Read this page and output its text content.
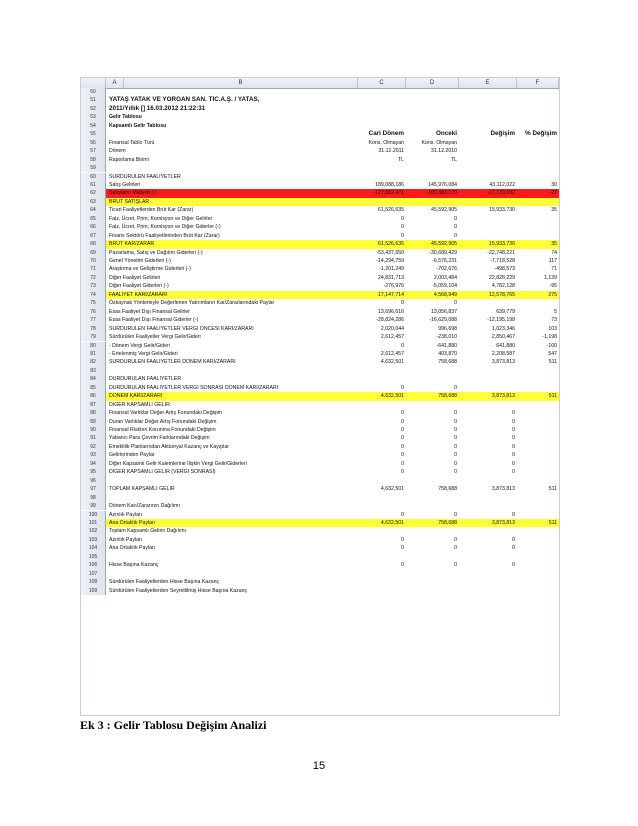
A	B	C	D	E	F
50
51	YATAŞ YATAK VE YORGAN SAN. TİC.A.Ş. / YATAS,
52	2011/Yıllık [] 16.03.2012 21:22:31
53	Gelir Tablosu
54	Kapsamlı Gelir Tablosu
55	Cari Dönem	Önceki	Değişim	% Değişim
56	Finansal Tablo Türü	Kons. Olmayan	Kons. Olmayan
57	Dönem	31.12.2011	31.12.2010
58	Raporlama Birimi	TL	TL
59
60	SURDURULEN FAALIYETLER
61	Satış Gelirleri	189,088,186	145,976,084	43,112,022	30
62	Satışların Maliyeti (-)	-127,562,471	-100,383,179	-27,179,292	-27
63	BRUT SATIŞLAR
64	Ticari Faaliyetlerden Brüt Kar (Zarar)	61,526,635	45,592,905	15,933,730	35
65	Faiz, Ücret, Prim, Komisyon ve Diğer Gelirler	0	0
66	Faiz, Ücret, Prim, Komisyon ve Diğer Giderler (-)	0	0
67	Finans Sektörü Faaliyetlerinden Brüt Kar (Zarar)	0	0
68	BRUT KAR/ZARAR	61,526,635	45,592,905	15,933,730	35
69	Pazarlama, Satış ve Dağıtım Giderleri (-)	-53,437,650	-30,689,429	-22,748,221	74
70	Genel Yönetim Giderleri (-)	-14,294,759	-6,576,231	-7,718,528	117
71	Araştırma ve Geliştirme Giderleri (-)	-1,201,249	-702,676	-498,573	71
72	Diğer Faaliyet Gelirleri	24,831,713	2,003,484	22,828,229	1,139
73	Diğer Faaliyet Giderleri (-)	-276,976	-5,059,104	4,782,128	-95
74	FAALIYET KARI/ZARARI	17,147,714	4,568,949	12,578,765	275
75	Özkaynak Yöntemiyle Değerlenen Yatırımların Kar/Zararlarındaki Paylar	0	0
76	Esas Faaliyet Dışı Finansal Gelirler	13,696,616	13,056,837	639,779	5
77	Esas Faaliyet Dışı Finansal Giderler (-)	-28,824,286	-16,629,088	-12,195,198	73
78	SURDURULEN FAALIYETLER VERGI ONCESI KARI/ZARARI	2,020,044	996,698	1,023,346	103
79	Sürdürülen Faaliyetler Vergi Gelir/Gideri	2,612,457	-238,010	2,850,467	-1,198
80	- Dönem Vergi Gelir/Gideri	0	-641,880	641,880	-100
81	- Ertelenmiş Vergi Gelir/Gideri	2,612,457	403,870	2,208,587	547
82	SURDURULEN FAALIYETLER DONEM KARI/ZARARI	4,632,501	758,688	3,873,813	511
83
84	DURDURULAN FAALIYETLER
85	DURDURULAN FAALIYETLER VERGI SONRASI DONEM KARI/ZARARI	0	0
86	DONEM KARI/ZARARI	4,632,501	758,688	3,873,813	511
87	DIGER KAPSAMLI GELIR:
88	Finansal Varlıklar Değer Artış Fonundaki Değişim	0	0	0
89	Duran Varlıklar Değer Artış Fonundaki Değişim	0	0	0
90	Finansal Riskten Korunma Fonundaki Değişim	0	0	0
91	Yabancı Para Çevrim Farklarındaki Değişim	0	0	0
92	Emeklilik Planlarından Aktüeryal Kazanç ve Kayıplar	0	0	0
93	Gelirlerinden Paylar	0	0	0
94	Diğer Kapsamlı Gelir Kalemlerine İlişkin Vergi Gelir/Giderleri	0	0	0
95	DIGER KAPSAMLI GELIR (VERGI SONRASI)	0	0	0
96
97	TOPLAM KAPSAMLI GELIR	4,632,501	758,688	3,873,813	511
98
99	Dönem Karı/Zararının Dağılımı
100	Azınlık Payları	0	0	0
101	Ana Ortaklık Payları	4,632,501	758,688	3,873,813	511
102	Toplam Kapsamlı Gelirin Dağılımı
103	Azınlık Payları	0	0	0
104	Ana Ortaklık Payları	0	0	0
105
106	Hisse Başına Kazanç	0	0	0
107
108	Sürdürülen Faaliyetlerden Hisse Başına Kazanç
109	Sürdürülen Faaliyetlerden Seyreltilmiş Hisse Başına Kazanç
Ek 3 : Gelir Tablosu Değişim Analizi
15
